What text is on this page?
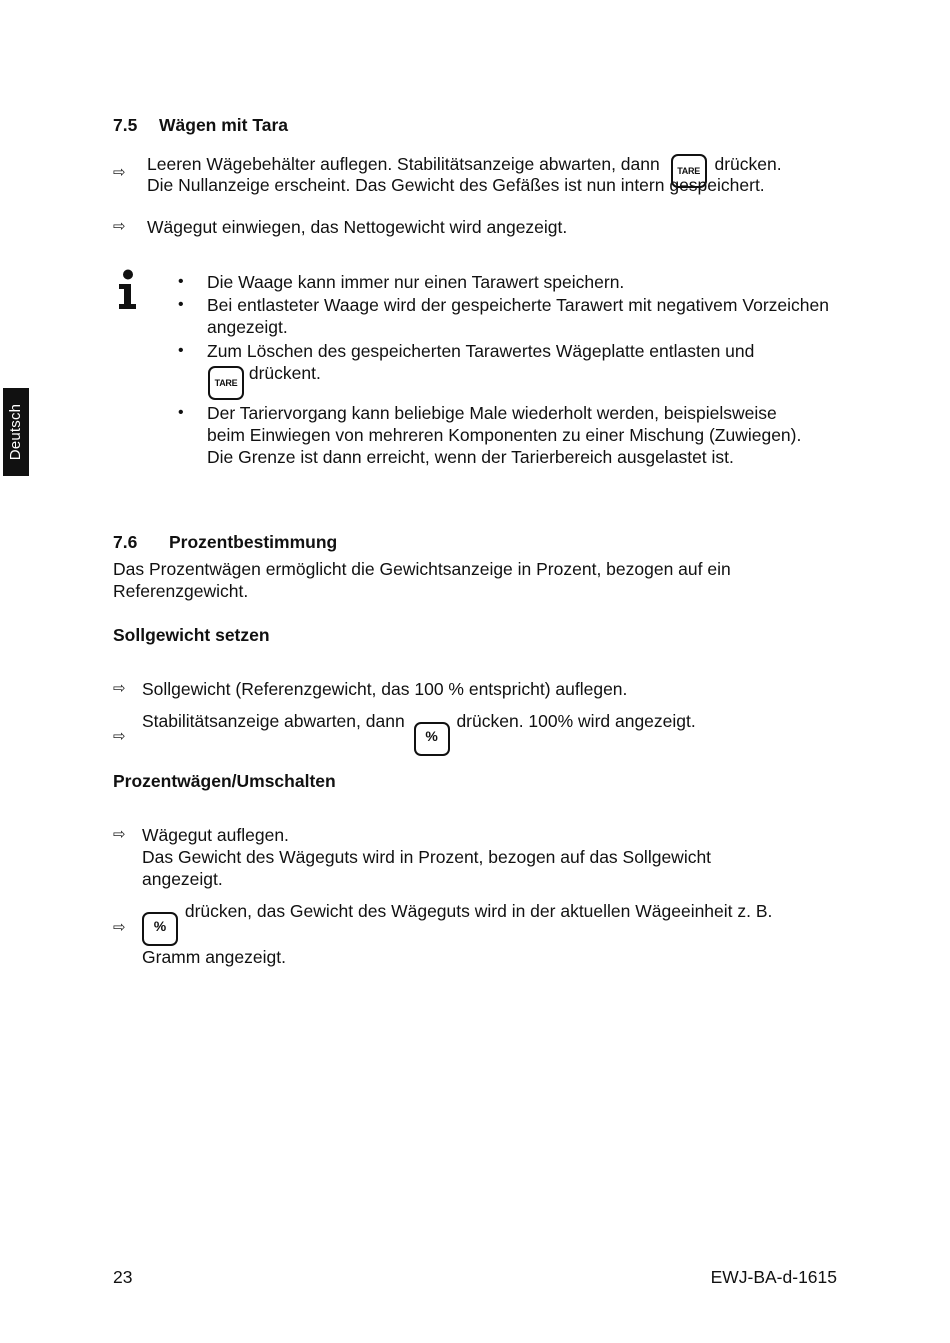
Deutsch
7.5 Wägen mit Tara
⇨ Leeren Wägebehälter auflegen. Stabilitätsanzeige abwarten, dann TARE drücken.
Die Nullanzeige erscheint. Das Gewicht des Gefäßes ist nun intern gespeichert.
⇨ Wägegut einwiegen, das Nettogewicht wird angezeigt.
• Die Waage kann immer nur einen Tarawert speichern.
• Bei entlasteter Waage wird der gespeicherte Tarawert mit negativem Vorzeichen angezeigt.
• Zum Löschen des gespeicherten Tarawertes Wägeplatte entlasten und
TARE drückent.
• Der Tariervorgang kann beliebige Male wiederholt werden, beispielsweise beim Einwiegen von mehreren Komponenten zu einer Mischung (Zuwiegen). Die Grenze ist dann erreicht, wenn der Tarierbereich ausgelastet ist.
7.6 Prozentbestimmung
Das Prozentwägen ermöglicht die Gewichtsanzeige in Prozent, bezogen auf ein Referenzgewicht.
Sollgewicht setzen
⇨ Sollgewicht (Referenzgewicht, das 100 % entspricht) auflegen.
⇨
Stabilitätsanzeige abwarten, dann % drücken. 100% wird angezeigt.
Prozentwägen/Umschalten
⇨ Wägegut auflegen.
Das Gewicht des Wägeguts wird in Prozent, bezogen auf das Sollgewicht angezeigt.
⇨	% drücken, das Gewicht des Wägeguts wird in der aktuellen Wägeeinheit z. B.
Gramm angezeigt.
23	EWJ-BA-d-1615
